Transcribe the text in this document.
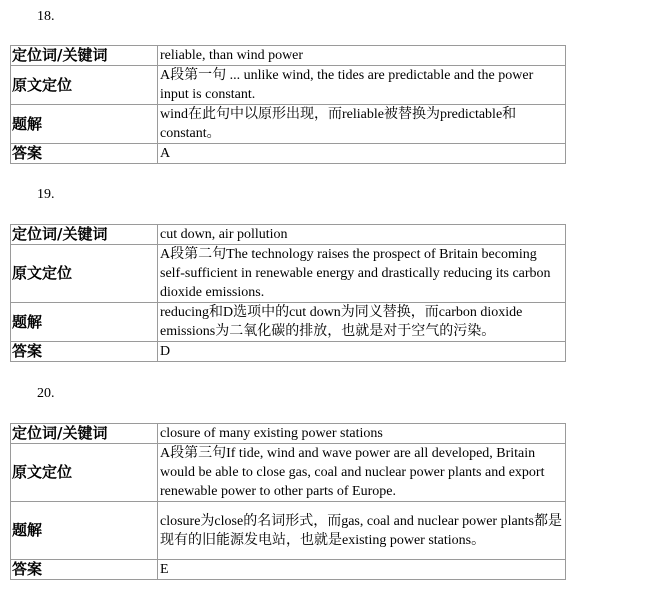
18.
定位词/关键词	reliable, than wind power
原文定位	A段第一句 ... unlike wind, the tides are predictable and the power input is constant.
题解	wind在此句中以原形出现，而reliable被替换为predictable和constant。
答案	A
19.
定位词/关键词	cut down, air pollution
原文定位	A段第二句The technology raises the prospect of Britain becoming self-sufficient in renewable energy and drastically reducing its carbon dioxide emissions.
题解	reducing和D选项中的cut down为同义替换，而carbon dioxide emissions为二氧化碳的排放，也就是对于空气的污染。
答案	D
20.
定位词/关键词	closure of many existing power stations
原文定位	A段第三句If tide, wind and wave power are all developed, Britain would be able to close gas, coal and nuclear power plants and export renewable power to other parts of Europe.
题解	closure为close的名词形式，而gas, coal and nuclear power plants都是现有的旧能源发电站，也就是existing power stations。
答案	E
